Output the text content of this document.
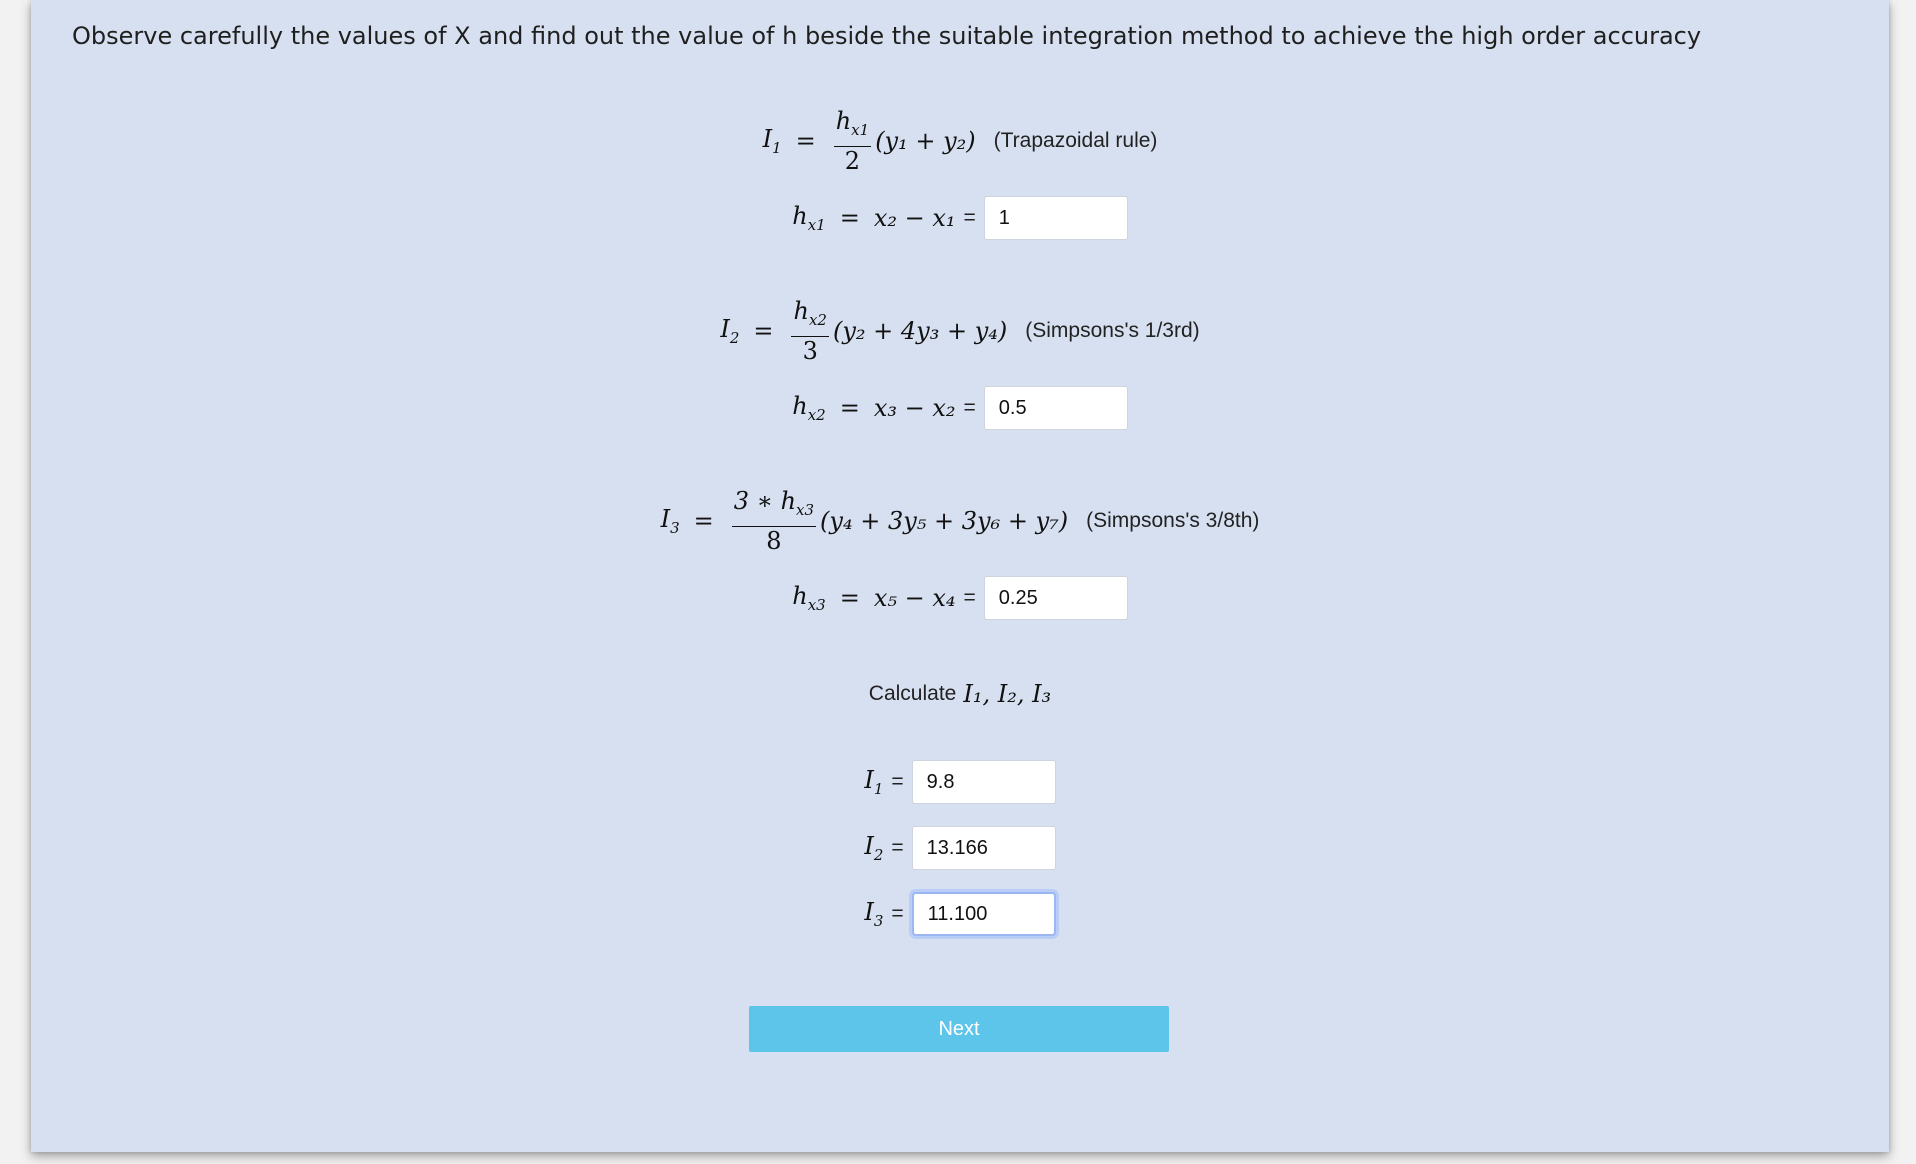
Observe carefully the values of X and find out the value of h beside the suitable integration method to achieve the high order accuracy
$I_1 = \frac{h_{x1}}{2} (y_1 + y_2)$ (Trapazoidal rule)
$h_{x1} = x_2 - x_1$ =
1
$I_2 = \frac{h_{x2}}{3} (y_2 + 4y_3 + y_4)$ (Simpsons's 1/3rd)
$h_{x2} = x_3 - x_2$ =
0.5
$I_3 = \frac{3 ∗ h_{x3}}{8} (y_4 + 3y_5 + 3y_6 + y_7)$ (Simpsons's 3/8th)
$h_{x3} = x_5 - x_4$ =
0.25
Calculate I₁, I₂, I₃
$I_1$ =
9.8
$I_2$ =
13.166
$I_3$ =
11.100
Next
